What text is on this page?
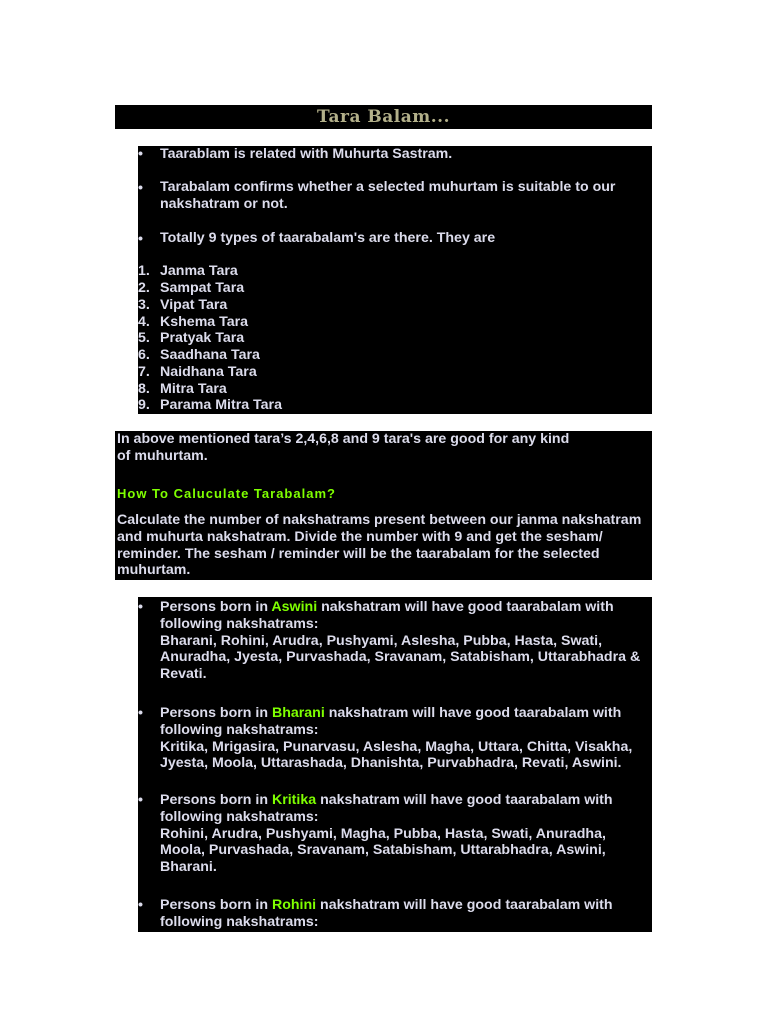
Tara Balam...
•	Taarablam is related with Muhurta Sastram.

•	Tarabalam confirms whether a selected muhurtam is suitable to our nakshatram or not.

•	Totally 9 types of taarabalam's are there. They are

1. Janma Tara
2. Sampat Tara
3. Vipat Tara
4. Kshema Tara
5. Pratyak Tara
6. Saadhana Tara
7. Naidhana Tara
8. Mitra Tara
9. Parama Mitra Tara
In above mentioned tara’s 2,4,6,8 and 9 tara's are good for any kind
of muhurtam.
How To Caluculate Tarabalam?

Calculate the number of nakshatrams present between our janma nakshatram and muhurta nakshatram. Divide the number with 9 and get the sesham/ reminder. The sesham / reminder will be the taarabalam for the selected muhurtam.

•	Persons born in Aswini nakshatram will have good taarabalam with
following nakshatrams:
Bharani, Rohini, Arudra, Pushyami, Aslesha, Pubba, Hasta, Swati,
Anuradha, Jyesta, Purvashada, Sravanam, Satabisham, Uttarabhadra &
Revati.
•	Persons born in Bharani nakshatram will have good taarabalam with
following nakshatrams:
Kritika, Mrigasira, Punarvasu, Aslesha, Magha, Uttara, Chitta, Visakha,
Jyesta, Moola, Uttarashada, Dhanishta, Purvabhadra, Revati, Aswini.
•	Persons born in Kritika nakshatram will have good taarabalam with
following nakshatrams:
Rohini, Arudra, Pushyami, Magha, Pubba, Hasta, Swati, Anuradha,
Moola, Purvashada, Sravanam, Satabisham, Uttarabhadra, Aswini,
Bharani.
•	Persons born in Rohini nakshatram will have good taarabalam with
following nakshatrams:
